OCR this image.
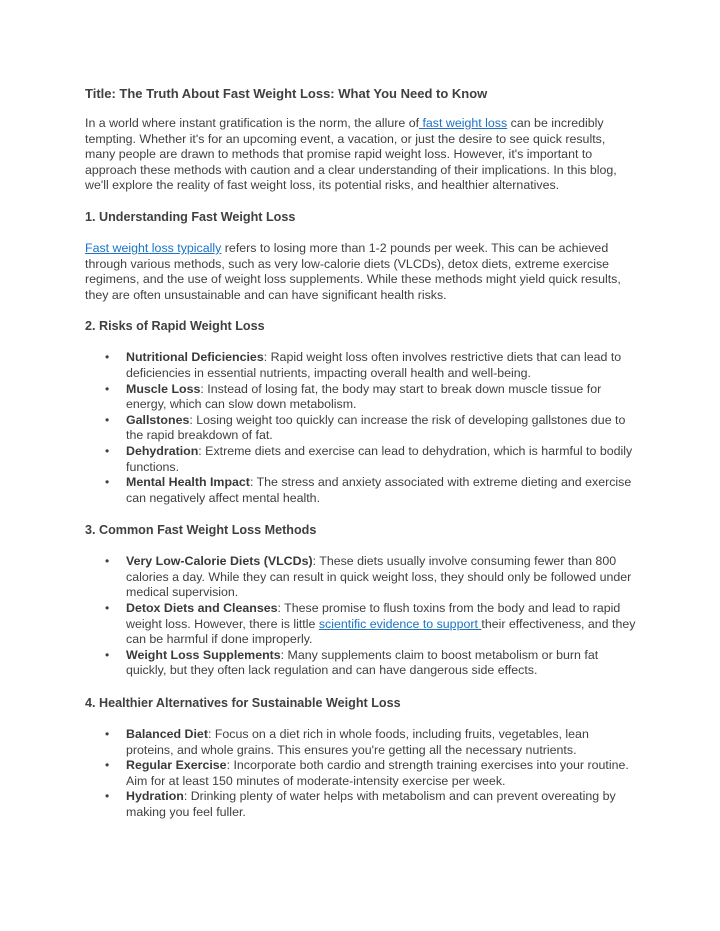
Title: The Truth About Fast Weight Loss: What You Need to Know

In a world where instant gratification is the norm, the allure of fast weight loss can be incredibly tempting. Whether it's for an upcoming event, a vacation, or just the desire to see quick results, many people are drawn to methods that promise rapid weight loss. However, it's important to approach these methods with caution and a clear understanding of their implications. In this blog, we'll explore the reality of fast weight loss, its potential risks, and healthier alternatives.

1. Understanding Fast Weight Loss

Fast weight loss typically refers to losing more than 1-2 pounds per week. This can be achieved through various methods, such as very low-calorie diets (VLCDs), detox diets, extreme exercise regimens, and the use of weight loss supplements. While these methods might yield quick results, they are often unsustainable and can have significant health risks.

2. Risks of Rapid Weight Loss
• Nutritional Deficiencies: Rapid weight loss often involves restrictive diets that can lead to deficiencies in essential nutrients, impacting overall health and well-being.
• Muscle Loss: Instead of losing fat, the body may start to break down muscle tissue for energy, which can slow down metabolism.
• Gallstones: Losing weight too quickly can increase the risk of developing gallstones due to the rapid breakdown of fat.
• Dehydration: Extreme diets and exercise can lead to dehydration, which is harmful to bodily functions.
• Mental Health Impact: The stress and anxiety associated with extreme dieting and exercise can negatively affect mental health.
3. Common Fast Weight Loss Methods
• Very Low-Calorie Diets (VLCDs): These diets usually involve consuming fewer than 800 calories a day. While they can result in quick weight loss, they should only be followed under medical supervision.
• Detox Diets and Cleanses: These promise to flush toxins from the body and lead to rapid weight loss. However, there is little scientific evidence to support their effectiveness, and they can be harmful if done improperly.
• Weight Loss Supplements: Many supplements claim to boost metabolism or burn fat quickly, but they often lack regulation and can have dangerous side effects.
4. Healthier Alternatives for Sustainable Weight Loss
• Balanced Diet: Focus on a diet rich in whole foods, including fruits, vegetables, lean proteins, and whole grains. This ensures you're getting all the necessary nutrients.
• Regular Exercise: Incorporate both cardio and strength training exercises into your routine. Aim for at least 150 minutes of moderate-intensity exercise per week.
• Hydration: Drinking plenty of water helps with metabolism and can prevent overeating by making you feel fuller.
